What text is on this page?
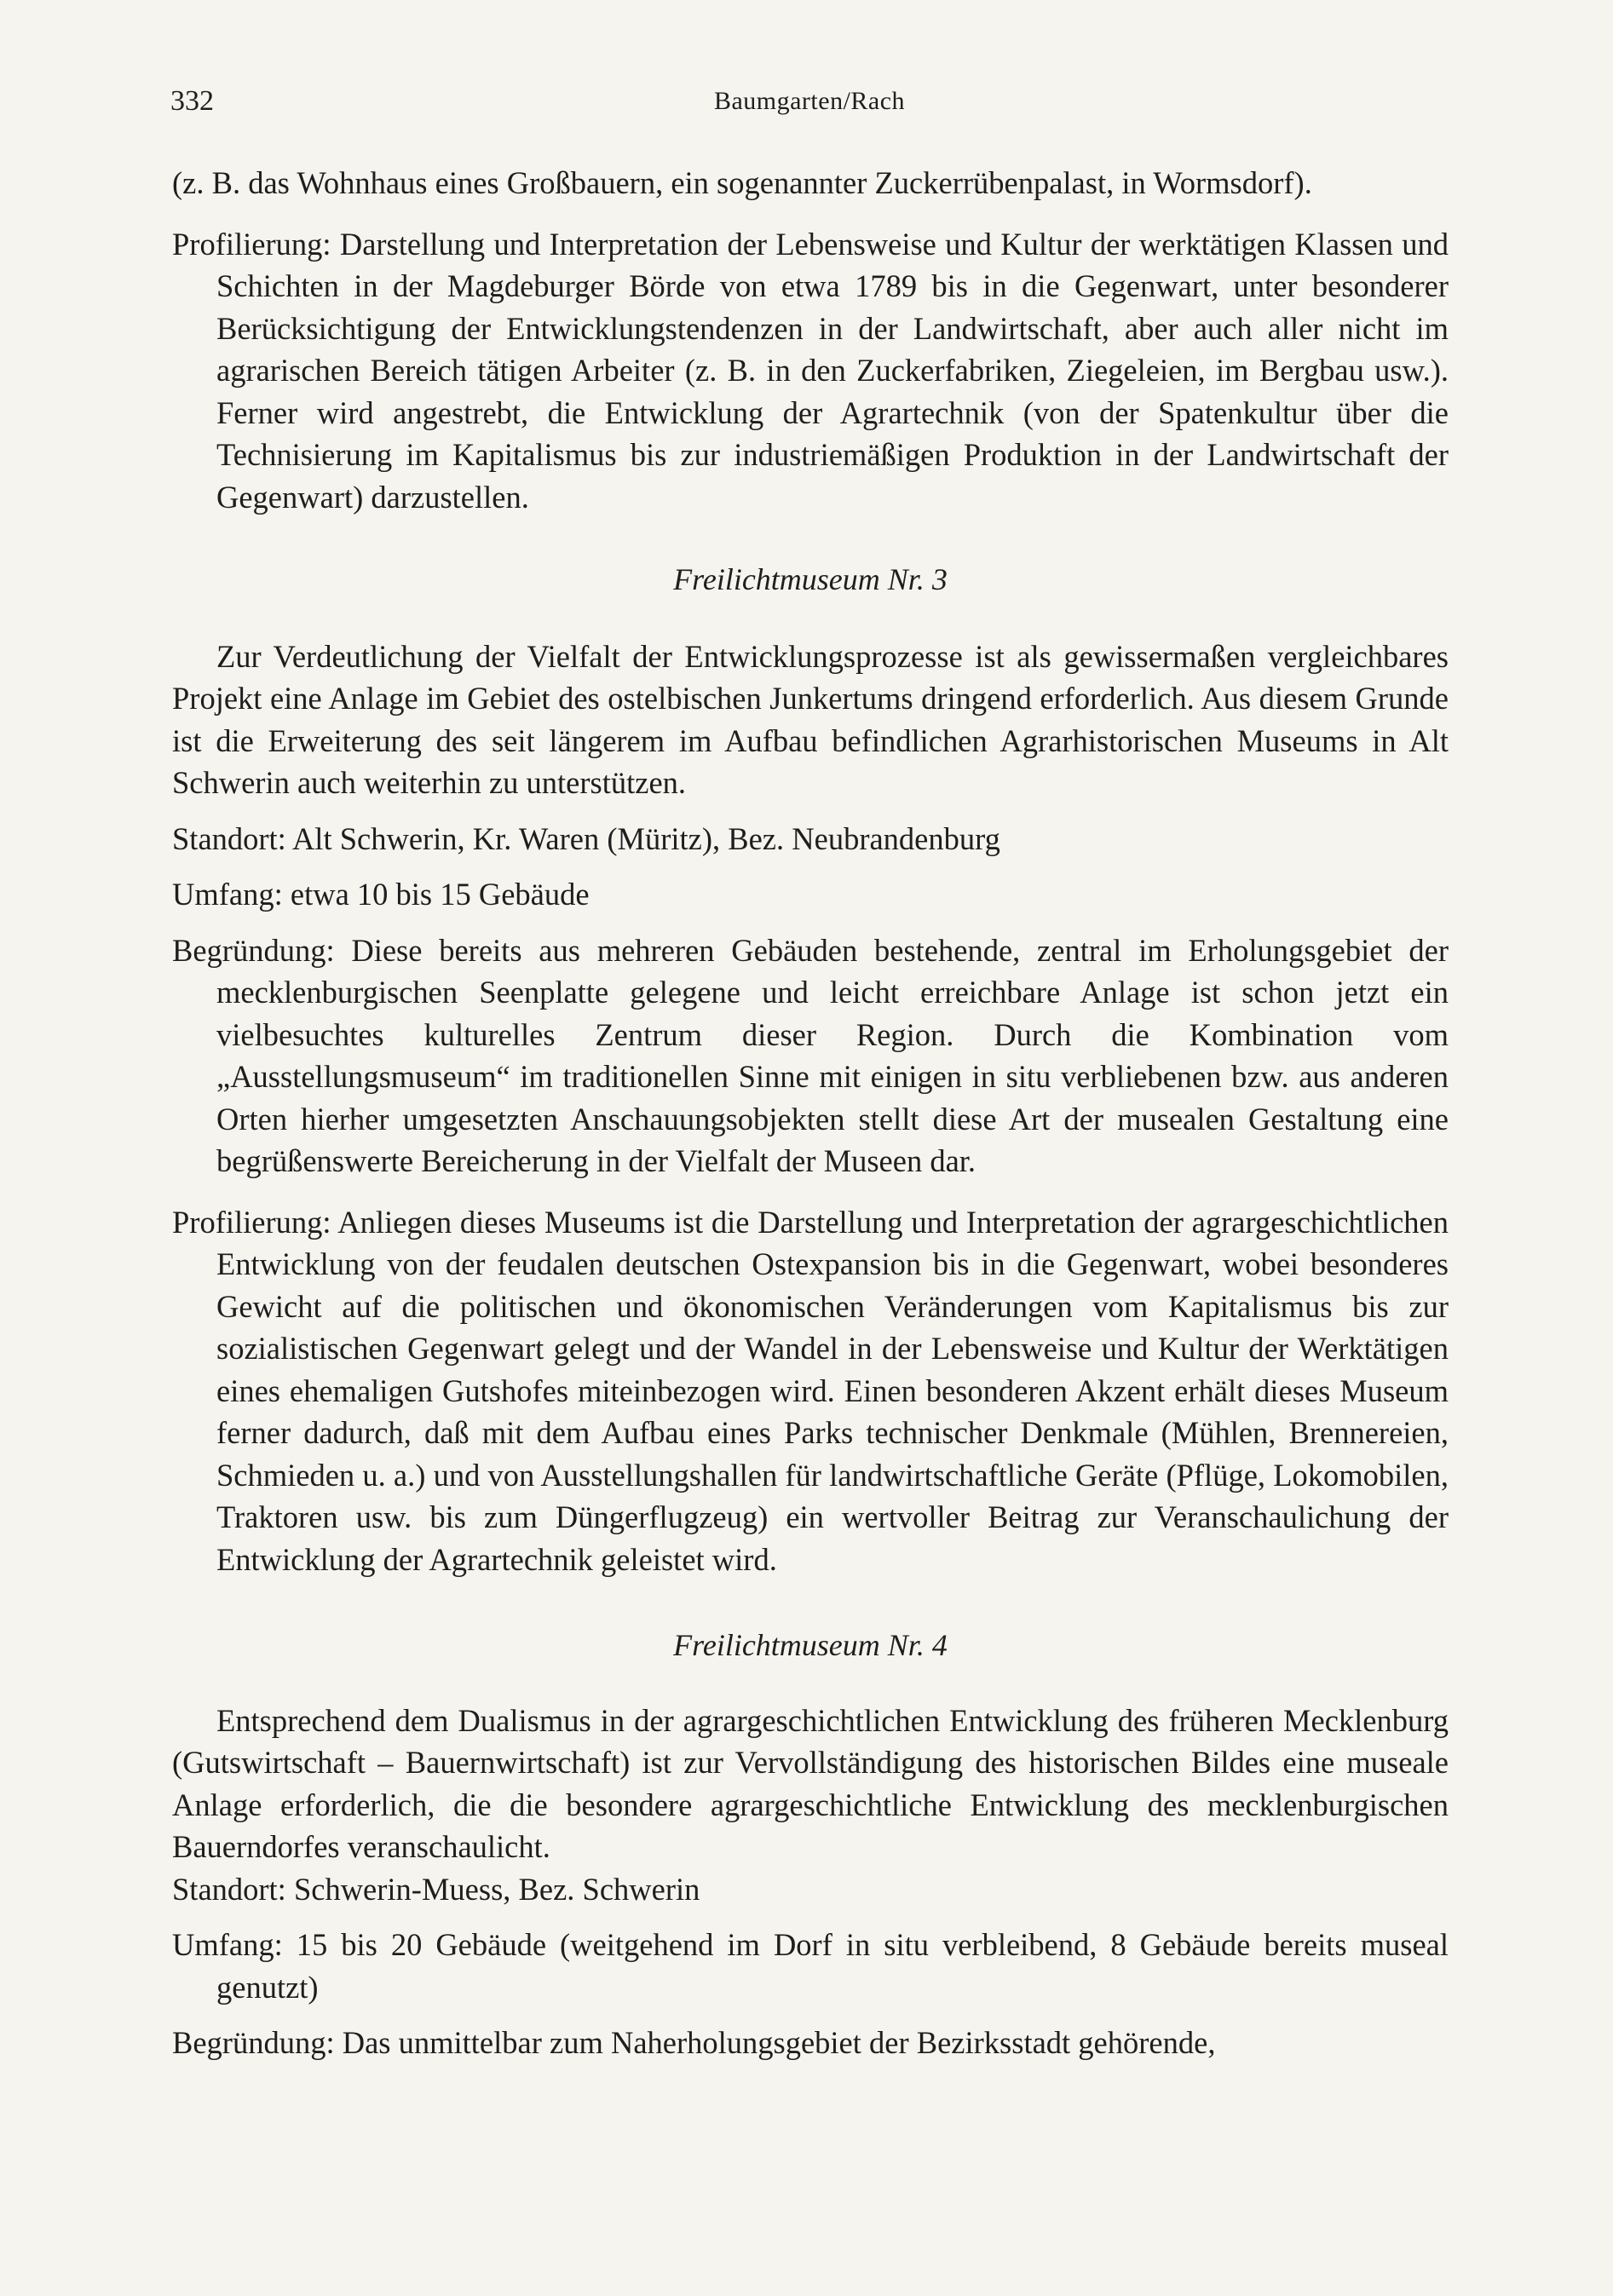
332	Baumgarten/Rach

(z. B. das Wohnhaus eines Großbauern, ein sogenannter Zuckerrübenpalast, in Wormsdorf).

Profilierung: Darstellung und Interpretation der Lebensweise und Kultur der werktätigen Klassen und Schichten in der Magdeburger Börde von etwa 1789 bis in die Gegenwart, unter besonderer Berücksichtigung der Entwicklungstendenzen in der Landwirtschaft, aber auch aller nicht im agrarischen Bereich tätigen Arbeiter (z. B. in den Zuckerfabriken, Ziegeleien, im Bergbau usw.). Ferner wird angestrebt, die Entwicklung der Agrartechnik (von der Spatenkultur über die Technisierung im Kapitalismus bis zur industriemäßigen Produktion in der Landwirtschaft der Gegenwart) darzustellen.

Freilichtmuseum Nr. 3

Zur Verdeutlichung der Vielfalt der Entwicklungsprozesse ist als gewissermaßen vergleichbares Projekt eine Anlage im Gebiet des ostelbischen Junkertums dringend erforderlich. Aus diesem Grunde ist die Erweiterung des seit längerem im Aufbau befindlichen Agrarhistorischen Museums in Alt Schwerin auch weiterhin zu unterstützen.

Standort: Alt Schwerin, Kr. Waren (Müritz), Bez. Neubrandenburg

Umfang: etwa 10 bis 15 Gebäude

Begründung: Diese bereits aus mehreren Gebäuden bestehende, zentral im Erholungsgebiet der mecklenburgischen Seenplatte gelegene und leicht erreichbare Anlage ist schon jetzt ein vielbesuchtes kulturelles Zentrum dieser Region. Durch die Kombination vom „Ausstellungsmuseum“ im traditionellen Sinne mit einigen in situ verbliebenen bzw. aus anderen Orten hierher umgesetzten Anschauungsobjekten stellt diese Art der musealen Gestaltung eine begrüßenswerte Bereicherung in der Vielfalt der Museen dar.

Profilierung: Anliegen dieses Museums ist die Darstellung und Interpretation der agrargeschichtlichen Entwicklung von der feudalen deutschen Ostexpansion bis in die Gegenwart, wobei besonderes Gewicht auf die politischen und ökonomischen Veränderungen vom Kapitalismus bis zur sozialistischen Gegenwart gelegt und der Wandel in der Lebensweise und Kultur der Werktätigen eines ehemaligen Gutshofes miteinbezogen wird. Einen besonderen Akzent erhält dieses Museum ferner dadurch, daß mit dem Aufbau eines Parks technischer Denkmale (Mühlen, Brennereien, Schmieden u. a.) und von Ausstellungshallen für landwirtschaftliche Geräte (Pflüge, Lokomobilen, Traktoren usw. bis zum Düngerflugzeug) ein wertvoller Beitrag zur Veranschaulichung der Entwicklung der Agrartechnik geleistet wird.

Freilichtmuseum Nr. 4

Entsprechend dem Dualismus in der agrargeschichtlichen Entwicklung des früheren Mecklenburg (Gutswirtschaft – Bauernwirtschaft) ist zur Vervollständigung des historischen Bildes eine museale Anlage erforderlich, die die besondere agrargeschichtliche Entwicklung des mecklenburgischen Bauerndorfes veranschaulicht.

Standort: Schwerin-Muess, Bez. Schwerin

Umfang: 15 bis 20 Gebäude (weitgehend im Dorf in situ verbleibend, 8 Gebäude bereits museal genutzt)

Begründung: Das unmittelbar zum Naherholungsgebiet der Bezirksstadt gehörende,
